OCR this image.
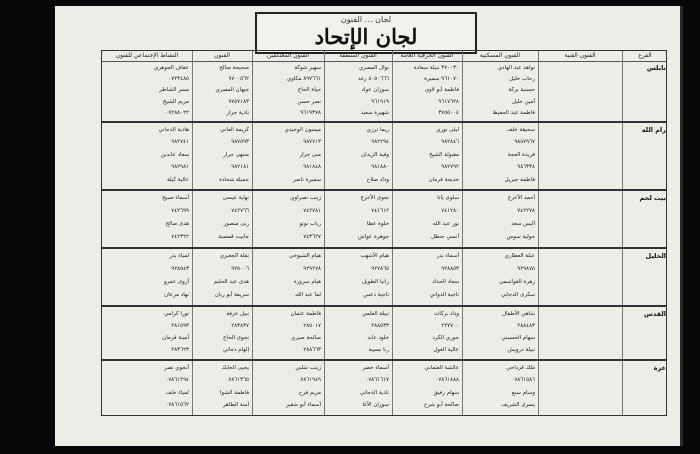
لجان … الفنون
لجان الإتحاد
الفرع
الفنون الفنية
الفنون المسكنية
الفنون الحرفية العامة
الفنون المنطقة
الفنون المعتكفين
الفنون
النشاط الإجتماعي للفنون
نابلس
نواهد عبد الهادي
٣٧٠٠٣٠ نبيلة سعادة
نوال المصري
سهير شوكة
صحيحة صالح
عفاف الجوهري
رحاب خليل
٩٦١٠٧٠ سميرة
٨٠٥٠٦٦٦ رغد
٨٩٧٦٦١ مكاوي
٩٧٠٠٥٦٢
٠٧٢٣٤٨٥
حسنية بركة
فاطمة أبو لاوي
سوزان عواد
حياة الحاج
جيهان المصري
مسر الشاطر
أمين خليل
٩٦١٧٦٢٨
٩٦١٩١٩
نصر حسن
٩٧٥٧١٨٣
مريم الشيخ
فاطمة عبد الحفيظ
٣٧٥٥٠٠٤
شهيرة سعيد
٩٦١٩٣٧٨
نادية جرار
٠٧٢٨٨٠٢٢
رام الله
سحيقة خلف
ليلى نوري
ريما ترزي
ميسون الوحيدي
كريمة العاني
هادية الدجاني
٩٨٥٧٩٦٧
٩٨٢٨٤٦
٩٨٢٢٩٤
٩٨٧٧١٣
٩٨٧٥٩٣
٩٨٢٧٤١
فريدة العجة
مقبولة الشيخ
وفية الزيدان
منى جرار
منتهى جرار
سعاد عابدين
٩٨٦٣٣٨
٩٨٢٧٩٢
٩٨١٨٨٠
٩٨١٨٤٨
٩٨٢١٨١
٩٨٢٩٨١
فاطمة جبريل
خديجة قرمان
وداد صلاح
سميرة ناصر
جميلة شحادة
عالية كيلة
بيت لحم
أحمد الأعرج
سلوى يانا
نجوى الأعرج
زينب نصراوي
نهاية عيسى
أسماء صبيح
٧٤٢٢٧٨
٧٤١٢٨٠
٧٤١٦١٢
٧٤٢٧٨١
٧٤٢٧٦٦
٧٤٢٦٩٩
أليس سعد
نور عبد الله
حلوة عطا
رباب نونو
ربى منصور
هدى صالح
جولية سوس
أنسي حنظل
جوهرة عواش
٧٤٣٦٢٧
جانيت قمصية
٧٤٢٣٢٢
الخليل
عبلة العطاري
أسماء بدر
هيام الأشهب
هيام الشيوخي
نقلة الجعبري
لمياء بدر
٩٢٩٨٧٥
٩٢٨٨٥٣
٩٢٧٨٦٥
٩٢٩٢٧٨
٩٢٥٠٠٦
٩٢٨٥٤٣
زهرة القواسمي
سعاد الحداد
رانيا الطويل
هيام سرورة
هدى عبد الحليم
آروى عمرو
سكرى الدجاني
ناجية الدواني
ناجية دعس
لما عبد الله
سريفة أبو ريان
نهاد مرعان
القدس
شاهي الأطفال
وداد بركات
نبيلة العلمي
فاطمة عثمان
نبيل عرفة
نورا كرامي
٢٨٨٤٨٣
٢٢٧٧٠٠
٢٨٨٥٣٣
٢٨٥٠١٧
٢٨٣٨٣٧
٢٨١٥٩٣
سهام الحسيني
جوري الكرد
خلود عابد
صالحة صبري
نجوى الحاج
أمينة قرمان
نبيلة درويش
عالية الغول
رنا نسيبة
٢٨٨٦٦٣
إلهام دجاني
٢٨٣٦٢٣
غزة
ملك قرداحي
عائشة العثماني
أسماء خضر
زينب شلبي
يحيى الحايك
أنجوي نصر
٠٧٨٦١٥٨٦
٠٧٨٦١٨٨٨
٠٧٨٦١٦١٧
٠٧٨٦١٩٤٩
٠٧٨٦١٣٦٥
٠٧٨٦١٢٩٤
وسام سبع
سهام رفيق
نادية الدجاني
مريم فرح
فاطمة الشوا
لمياء خلف
يسرى الشريف
صالحة أبو شرخ
سوزان الآغا
أسماء أبو شقير
أمنة الطاهر
٠٧٨٦١٥٦٢
